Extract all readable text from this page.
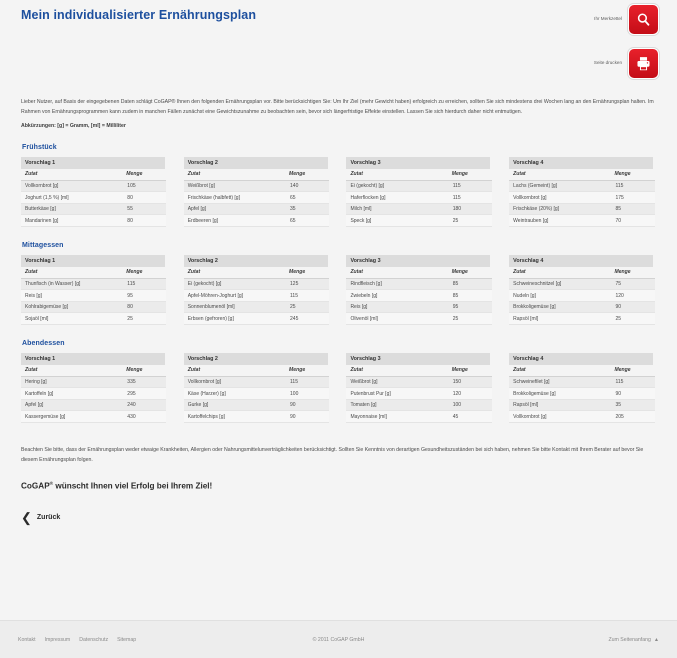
Mein individualisierter Ernährungsplan	Ihr Merkzettel
Seite drucken

Lieber Nutzer, auf Basis der eingegebenen Daten schlägt CoGAP® Ihnen den folgenden Ernährungsplan vor. Bitte berücksichtigen Sie: Um Ihr Ziel (mehr Gewicht haben) erfolgreich zu erreichen, sollten Sie sich mindestens drei Wochen lang an den Ernährungsplan halten. Im Rahmen von Ernährungsprogrammen kann zudem in manchen Fällen zunächst eine Gewichtszunahme zu beobachten sein, bevor sich längerfristige Effekte einstellen. Lassen Sie sich hierdurch daher nicht entmutigen.

Abkürzungen: [g] = Gramm, [ml] = Milliliter
Frühstück
Vorschlag 1			Vorschlag 2			Vorschlag 3			Vorschlag 4	
Zutat	Menge		Zutat	Menge		Zutat	Menge		Zutat	Menge
Vollkornbrot [g]	105		Weißbrot [g]	140		Ei (gekocht) [g]	115		Lachs (Gemeint) [g]	115
Joghurt (1,5 %) [ml]	80		Frischkäse (halbfett) [g]	65		Haferflocken [g]	115		Vollkornbrot [g]	175
Butterkäse [g]	55		Apfel [g]	35		Milch [ml]	180		Frischkäse (20%) [g]	85
Mandarinen [g]	80		Erdbeeren [g]	65		Speck [g]	25		Weintrauben [g]	70
Mittagessen
Vorschlag 1			Vorschlag 2			Vorschlag 3			Vorschlag 4	
Zutat	Menge		Zutat	Menge		Zutat	Menge		Zutat	Menge
Thunfisch (in Wasser) [g]	115		Ei (gekocht) [g]	125		Rindfleisch [g]	85		Schweineschnitzel [g]	75
Reis [g]	95		Apfel-Möhren-Joghurt [g]	115		Zwiebeln [g]	85		Nudeln [g]	120
Kohlrabigemüse [g]	80		Sonnenblumenöl [ml]	25		Reis [g]	95		Brokkoligemüse [g]	90
Sojaöl [ml]	25		Erbsen (gefroren) [g]	245		Olivenöl [ml]	25		Rapsöl [ml]	25
Abendessen
Vorschlag 1			Vorschlag 2			Vorschlag 3			Vorschlag 4	
Zutat	Menge		Zutat	Menge		Zutat	Menge		Zutat	Menge
Hering [g]	335		Vollkornbrot [g]	115		Weißbrot [g]	150		Schweinefilet [g]	115
Kartoffeln [g]	295		Käse (Harzer) [g]	100		Putenbrust Pur [g]	120		Brokkoligemüse [g]	90
Apfel [g]	240		Gurke [g]	90		Tomaten [g]	100		Rapsöl [ml]	35
Kassergemüse [g]	430		Kartoffelchips [g]	90		Mayonnaise [ml]	45		Vollkornbrot [g]	205

Beachten Sie bitte, dass der Ernährungsplan weder etwaige Krankheiten, Allergien oder Nahrungsmittelunverträglichkeiten berücksichtigt. Sollten Sie Kenntnis von derartigen Gesundheitszuständen bei sich haben, nehmen Sie bitte Kontakt mit Ihrem Berater auf bevor Sie diesem Ernährungsplan folgen.

CoGAP® wünscht Ihnen viel Erfolg bei Ihrem Ziel!
❮ Zurück
Kontakt Impressum Datenschutz Sitemap	© 2011 CoGAP GmbH	Zum Seitenanfang ▲
